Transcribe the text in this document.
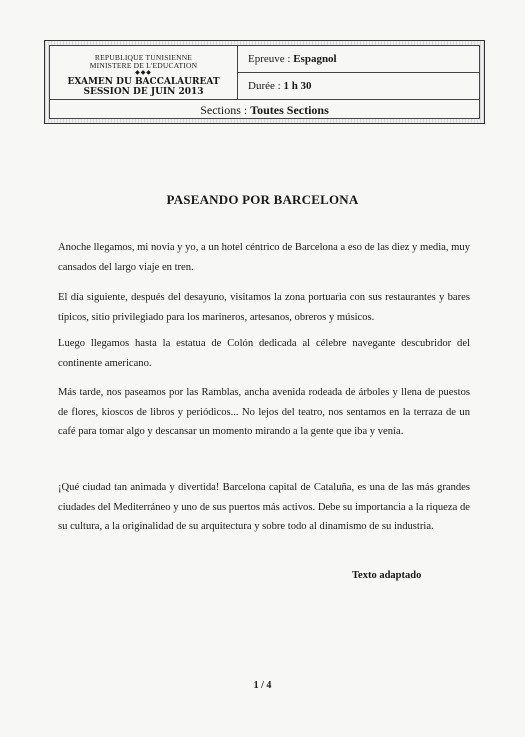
REPUBLIQUE TUNISIENNE
MINISTERE DE L'EDUCATION
◆◆◆
EXAMEN DU BACCALAUREAT
SESSION DE JUIN 2013
Epreuve : Espagnol
Durée : 1 h 30
Sections : Toutes Sections
PASEANDO POR BARCELONA
Anoche llegamos, mi novia y yo, a un hotel céntrico de Barcelona a eso de las diez y media, muy cansados del largo viaje en tren.
El día siguiente, después del desayuno, visitamos la zona portuaria con sus restaurantes y bares típicos, sitio privilegiado para los marineros, artesanos, obreros y músicos.
Luego llegamos hasta la estatua de Colón dedicada al célebre navegante descubridor del continente americano.
Más tarde, nos paseamos por las Ramblas, ancha avenida rodeada de árboles y llena de puestos de flores, kioscos de libros y periódicos... No lejos del teatro, nos sentamos en la terraza de un café para tomar algo y descansar un momento mirando a la gente que iba y venía.
¡Qué ciudad tan animada y divertida! Barcelona capital de Cataluña, es una de las más grandes ciudades del Mediterráneo y uno de sus puertos más activos. Debe su importancia a la riqueza de su cultura, a la originalidad de su arquitectura y sobre todo al dinamismo de su industria.
Texto adaptado
1 / 4
